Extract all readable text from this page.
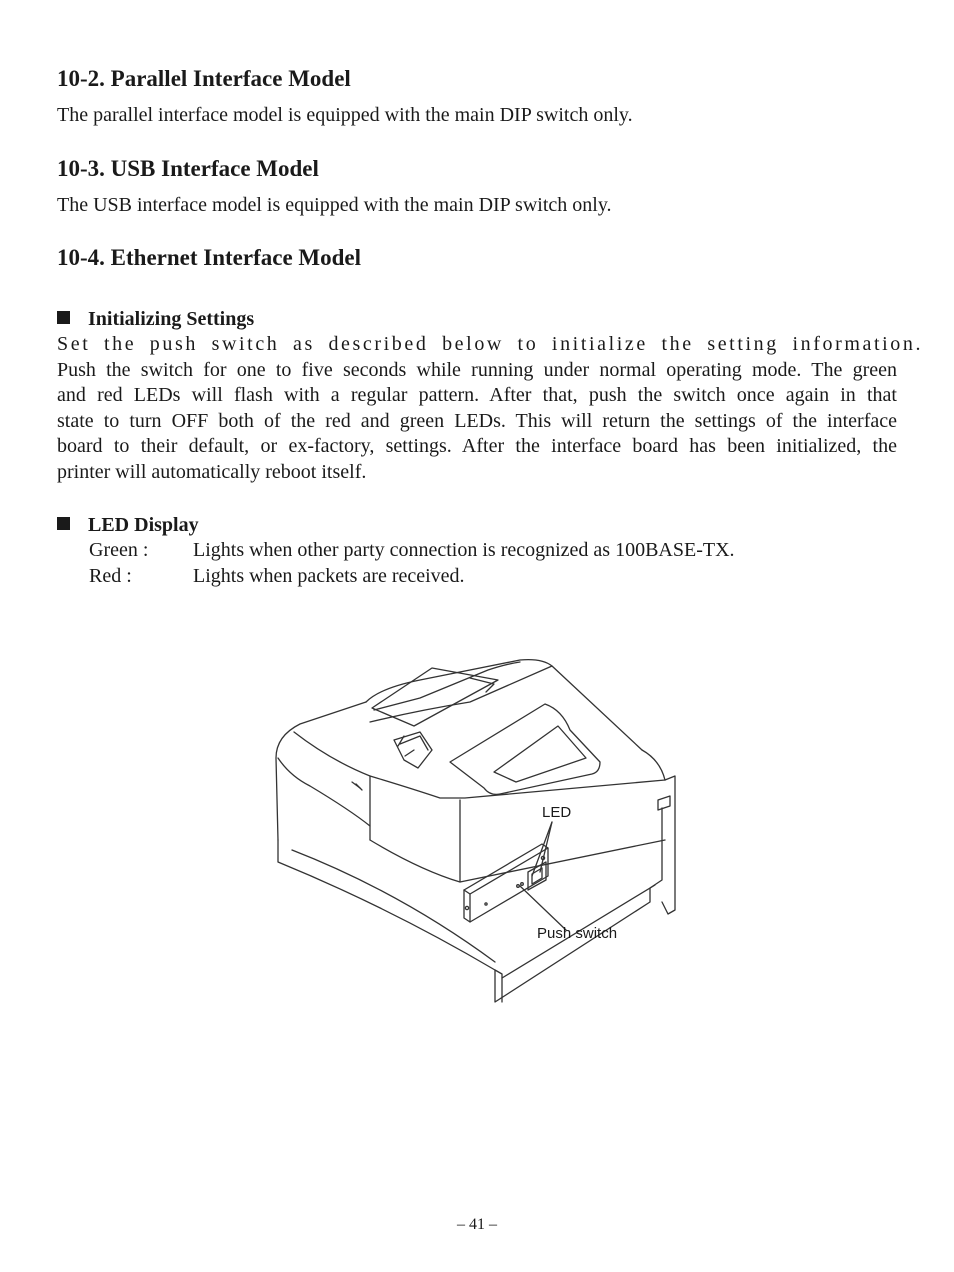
10-2. Parallel Interface Model

The parallel interface model is equipped with the main DIP switch only.

10-3. USB Interface Model

The USB interface model is equipped with the main DIP switch only.

10-4. Ethernet Interface Model
Initializing Settings
Set the push switch as described below to initialize the setting information.
Push the switch for one to five seconds while running under normal operating mode. The green
and red LEDs will flash with a regular pattern. After that, push the switch once again in that
state to turn OFF both of the red and green LEDs. This will return the settings of the interface
board to their default, or ex-factory, settings. After the interface board has been initialized, the
printer will automatically reboot itself.
LED Display

Green : Lights when other party connection is recognized as 100BASE-TX.

Red :	Lights when packets are received.

LED
Push switch
– 41 –
